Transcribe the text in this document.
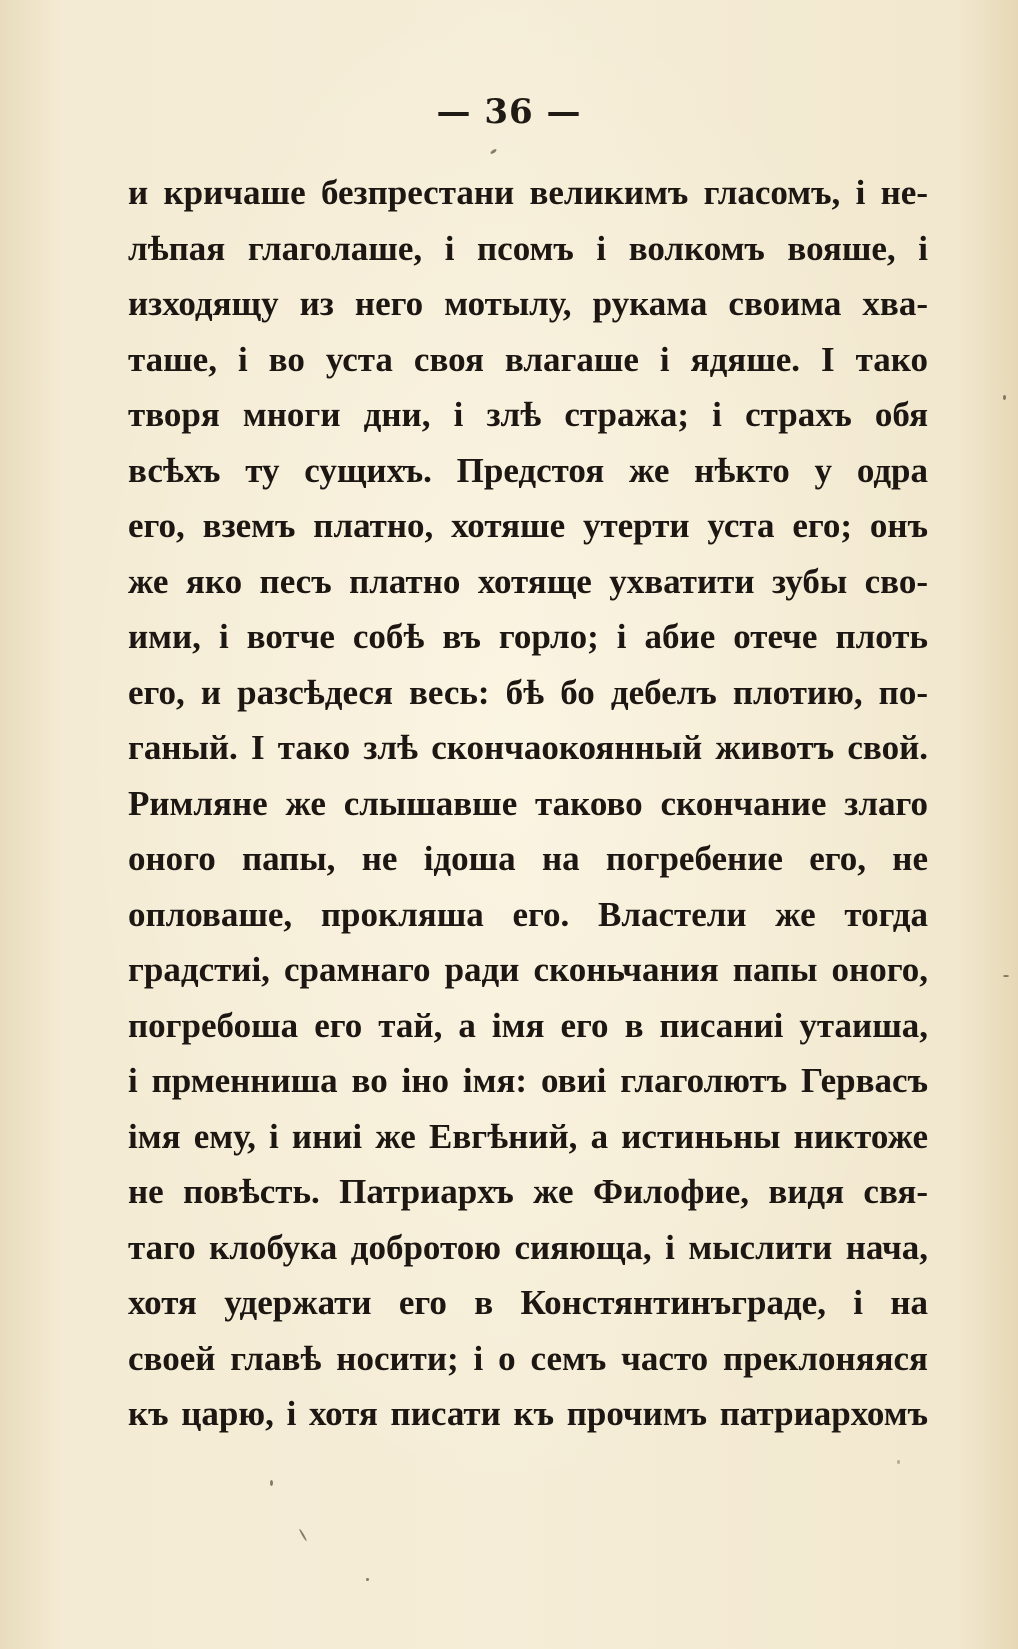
— 36 —
и кричаше безпрестани великимъ гласомъ, і не-
лѣпая глаголаше, і псомъ і волкомъ вояше, і
изходящу из него мотылу, рукама своима хва-
таше, і во уста своя влагаше і ядяше. І тако
творя многи дни, і злѣ стража; і страхъ обя
всѣхъ ту сущихъ. Предстоя же нѣкто у одра
его, вземъ платно, хотяше утерти уста его; онъ
же яко песъ платно хотяще ухватити зубы сво-
ими, і вотче собѣ въ горло; і абие отече плоть
его, и разсѣдеся весь: бѣ бо дебелъ плотию, по-
ганый. І тако злѣ скончаокоянный животъ свой.
Римляне же слышавше таково скончание злаго
оного папы, не ідоша на погребение его, не
опловаше, прокляша его. Властели же тогда
градстиі, срамнаго ради сконьчания папы оного,
погребоша его тай, а імя его в писаниі утаиша,
і прменниша во іно імя: овиі глаголютъ Гервасъ
імя ему, і иниі же Евгѣний, а истиньны никтоже
не повѣсть. Патриархъ же Филофие, видя свя-
таго клобука добротою сияюща, і мыслити нача,
хотя удержати его в Констянтинъграде, і на
своей главѣ носити; і о семъ часто преклоняяся
къ царю, і хотя писати къ прочимъ патриархомъ
